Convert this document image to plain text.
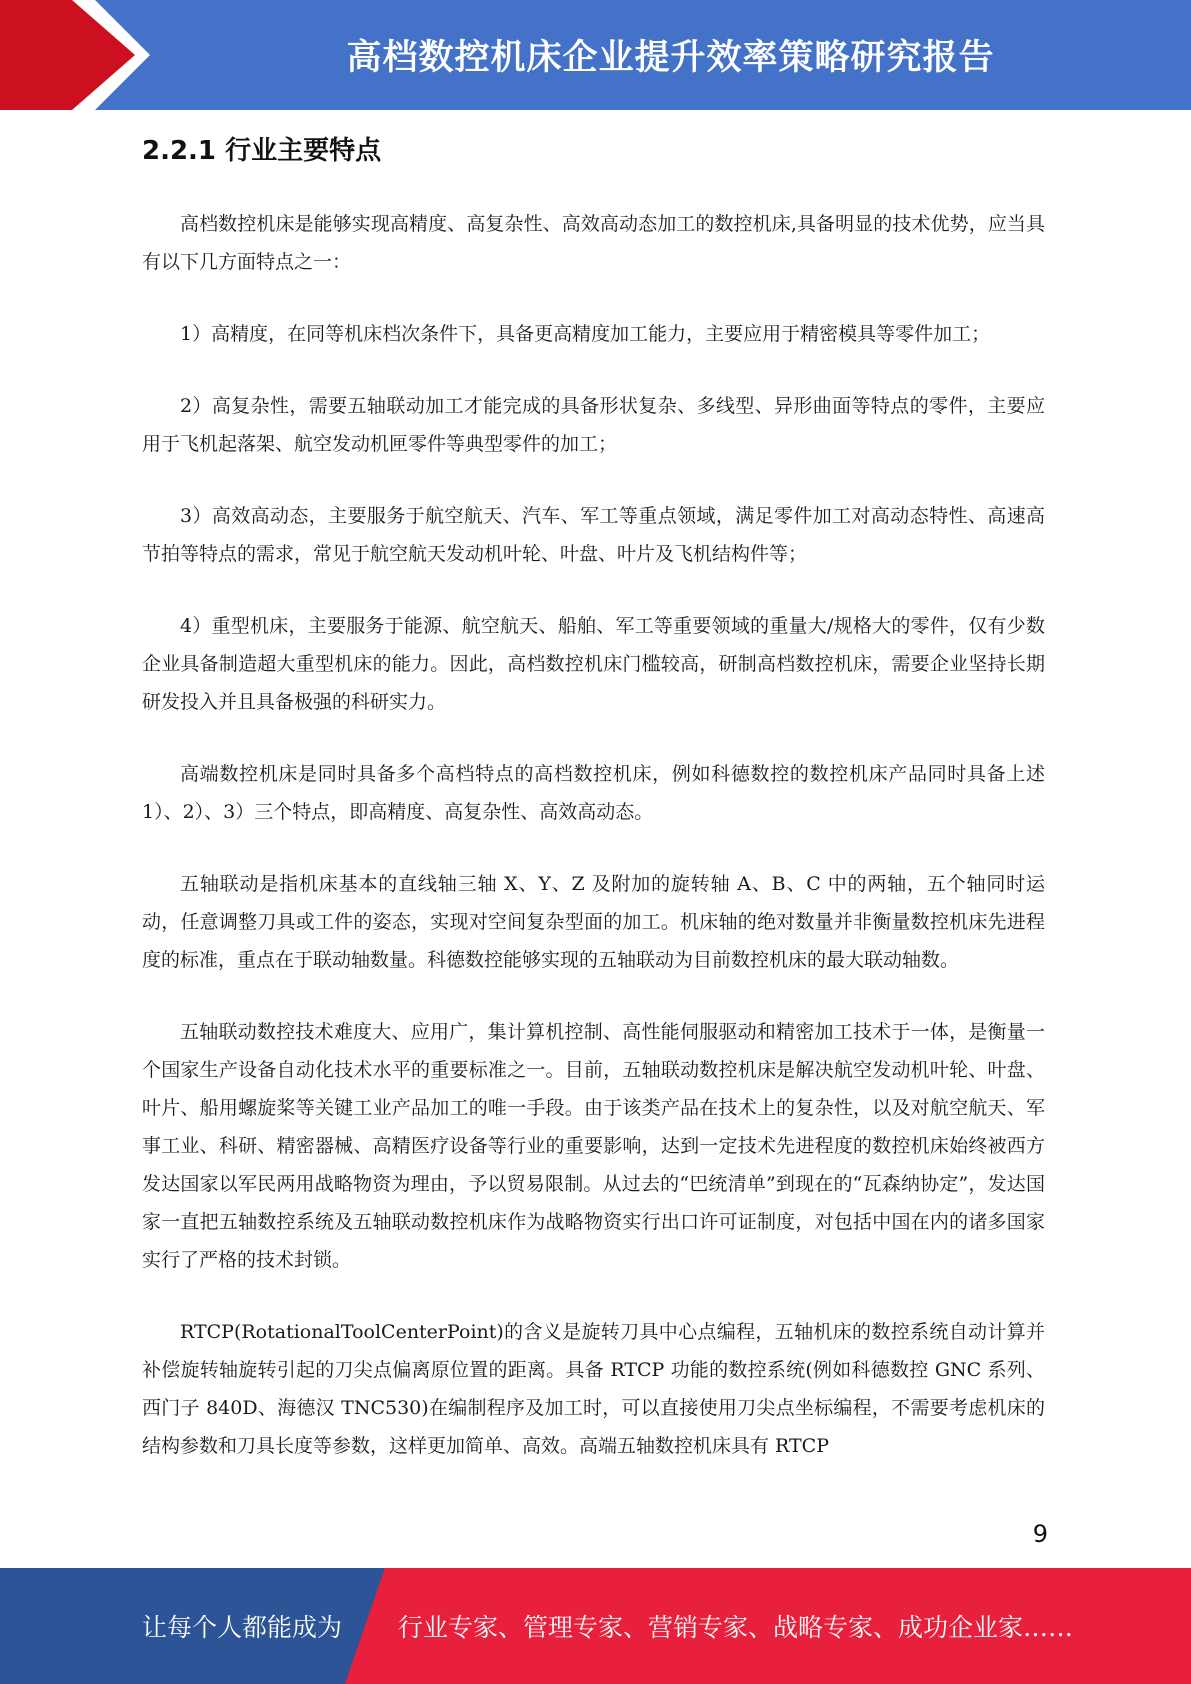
高档数控机床企业提升效率策略研究报告
2.2.1 行业主要特点

高档数控机床是能够实现高精度、高复杂性、高效高动态加工的数控机床,具备明显的技术优势，应当具有以下几方面特点之一：

1）高精度，在同等机床档次条件下，具备更高精度加工能力，主要应用于精密模具等零件加工；

2）高复杂性，需要五轴联动加工才能完成的具备形状复杂、多线型、异形曲面等特点的零件，主要应用于飞机起落架、航空发动机匣零件等典型零件的加工；

3）高效高动态，主要服务于航空航天、汽车、军工等重点领域，满足零件加工对高动态特性、高速高节拍等特点的需求，常见于航空航天发动机叶轮、叶盘、叶片及飞机结构件等；

4）重型机床，主要服务于能源、航空航天、船舶、军工等重要领域的重量大/规格大的零件，仅有少数企业具备制造超大重型机床的能力。因此，高档数控机床门槛较高，研制高档数控机床，需要企业坚持长期研发投入并且具备极强的科研实力。

高端数控机床是同时具备多个高档特点的高档数控机床，例如科德数控的数控机床产品同时具备上述 1）、2）、3）三个特点，即高精度、高复杂性、高效高动态。

五轴联动是指机床基本的直线轴三轴 X、Y、Z 及附加的旋转轴 A、B、C 中的两轴，五个轴同时运动，任意调整刀具或工件的姿态，实现对空间复杂型面的加工。机床轴的绝对数量并非衡量数控机床先进程度的标准，重点在于联动轴数量。科德数控能够实现的五轴联动为目前数控机床的最大联动轴数。

五轴联动数控技术难度大、应用广，集计算机控制、高性能伺服驱动和精密加工技术于一体，是衡量一个国家生产设备自动化技术水平的重要标准之一。目前，五轴联动数控机床是解决航空发动机叶轮、叶盘、叶片、船用螺旋桨等关键工业产品加工的唯一手段。由于该类产品在技术上的复杂性，以及对航空航天、军事工业、科研、精密器械、高精医疗设备等行业的重要影响，达到一定技术先进程度的数控机床始终被西方发达国家以军民两用战略物资为理由，予以贸易限制。从过去的“巴统清单”到现在的“瓦森纳协定”，发达国家一直把五轴数控系统及五轴联动数控机床作为战略物资实行出口许可证制度，对包括中国在内的诸多国家实行了严格的技术封锁。

RTCP(RotationalToolCenterPoint)的含义是旋转刀具中心点编程，五轴机床的数控系统自动计算并补偿旋转轴旋转引起的刀尖点偏离原位置的距离。具备 RTCP 功能的数控系统(例如科德数控 GNC 系列、西门子 840D、海德汉 TNC530)在编制程序及加工时，可以直接使用刀尖点坐标编程，不需要考虑机床的结构参数和刀具长度等参数，这样更加简单、高效。高端五轴数控机床具有 RTCP

9
让每个人都能成为 行业专家、管理专家、营销专家、战略专家、成功企业家……
